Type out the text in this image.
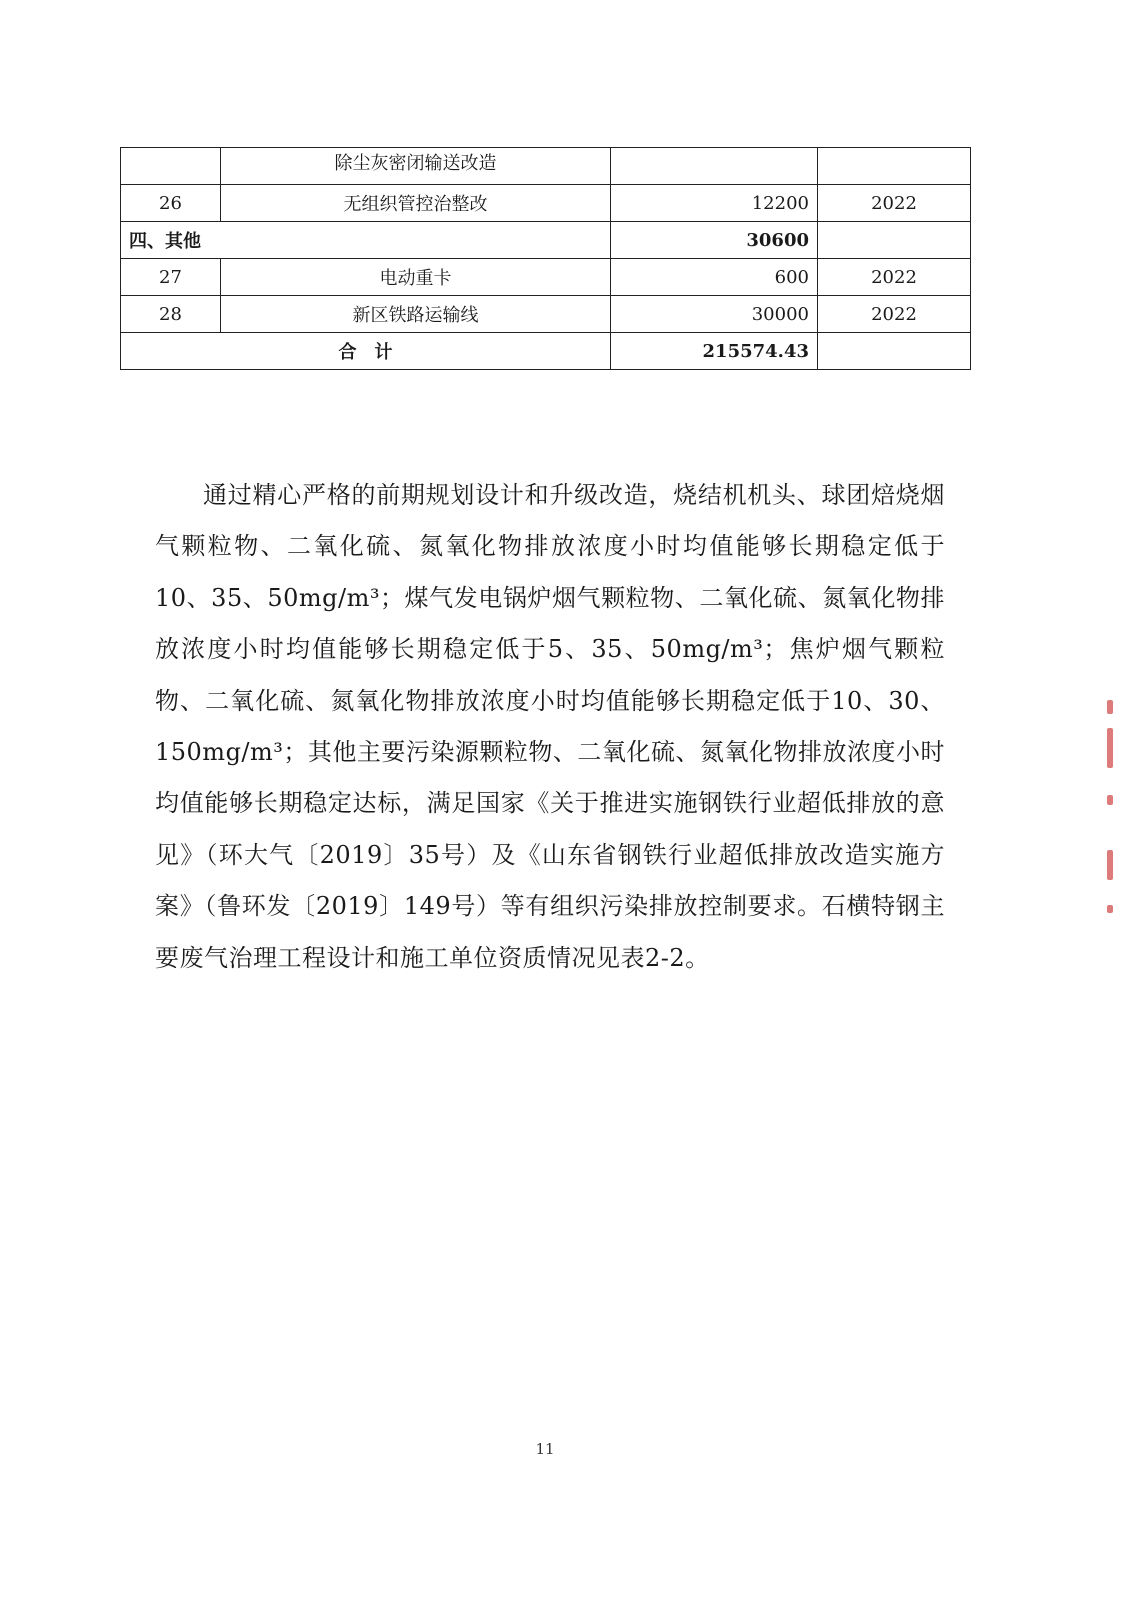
	除尘灰密闭输送改造		

26	无组织管控治整改	12200	2022
四、其他		30600	
27	电动重卡	600	2022
28	新区铁路运输线	30000	2022
合　计		215574.43	

通过精心严格的前期规划设计和升级改造，烧结机机头、球团焙烧烟气颗粒物、二氧化硫、氮氧化物排放浓度小时均值能够长期稳定低于10、35、50mg/m³；煤气发电锅炉烟气颗粒物、二氧化硫、氮氧化物排放浓度小时均值能够长期稳定低于5、35、50mg/m³；焦炉烟气颗粒物、二氧化硫、氮氧化物排放浓度小时均值能够长期稳定低于10、30、150mg/m³；其他主要污染源颗粒物、二氧化硫、氮氧化物排放浓度小时均值能够长期稳定达标，满足国家《关于推进实施钢铁行业超低排放的意见》（环大气〔2019〕35号）及《山东省钢铁行业超低排放改造实施方案》（鲁环发〔2019〕149号）等有组织污染排放控制要求。石横特钢主要废气治理工程设计和施工单位资质情况见表2-2。

11
